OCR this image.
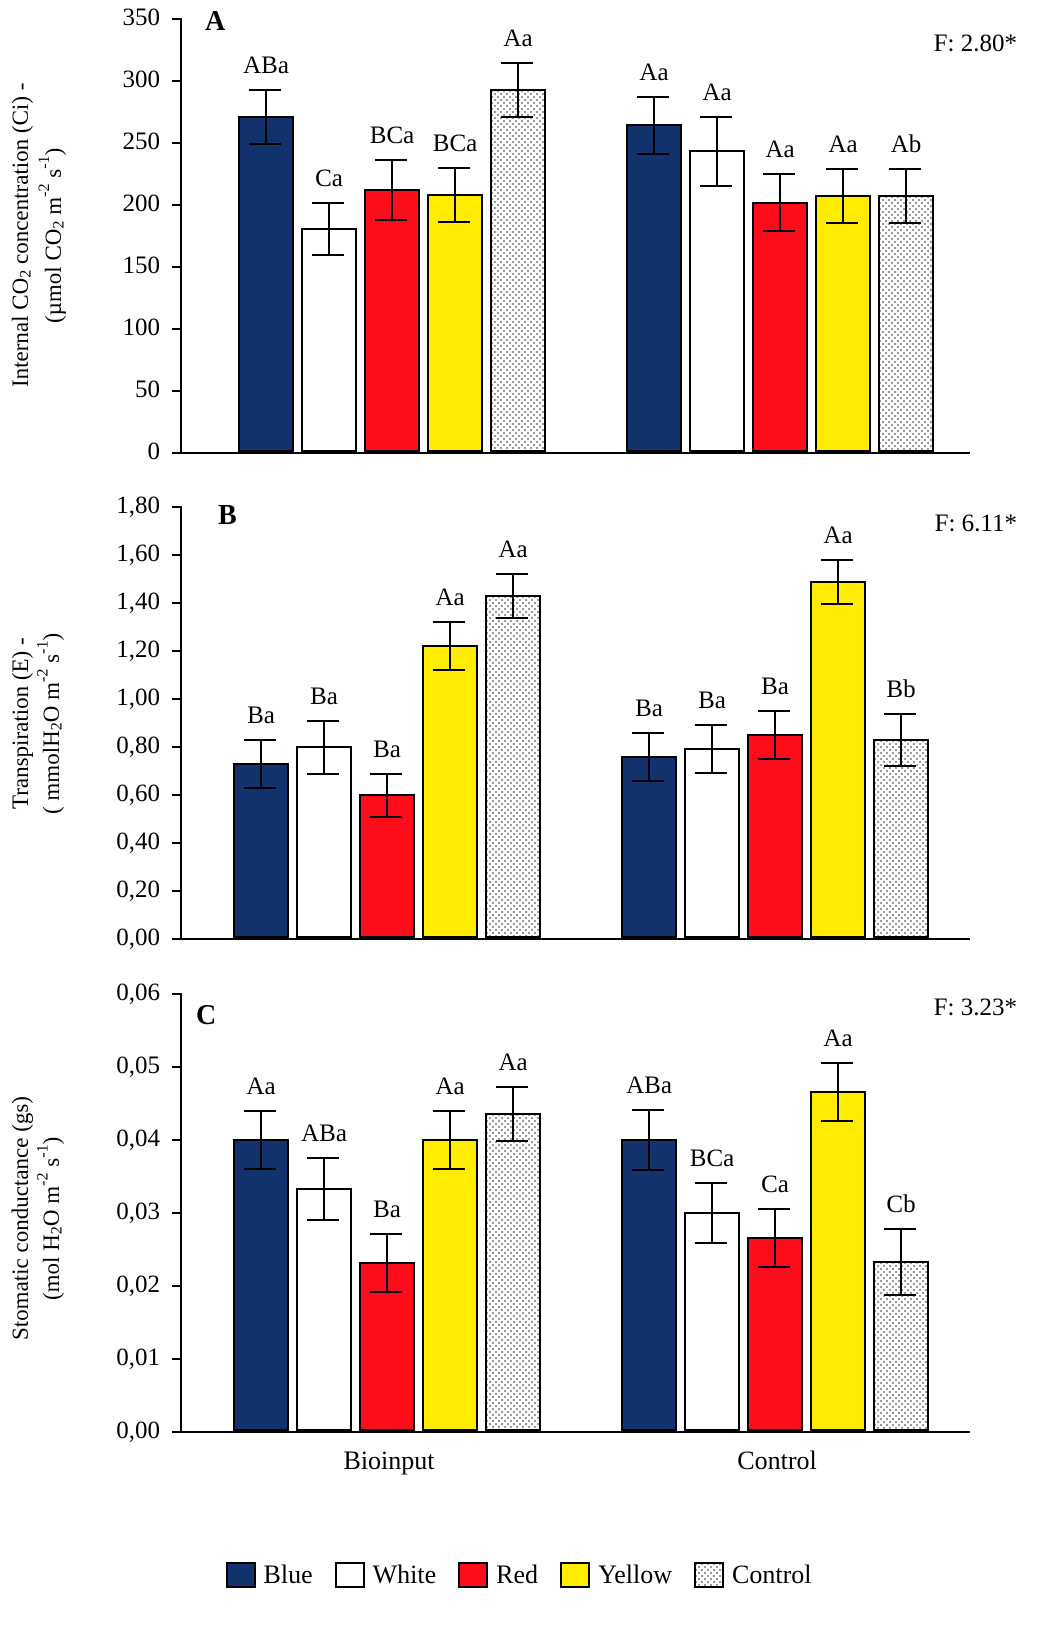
Internal $CO_2$ concentration (Ci) -
(µmol $CO_2$ $m^{-2}$ $s^{-1}$)
A
F: 2.80*
350
300
250
200
150
100
50
0
ABa
Ca
BCa BCa
Aa
Aa
Aa
Aa Aa Ab
Transpiration (E) - ( mmolH$_2$O $m^{-2}$ $s^{-1}$)
B	F: 6.11*
1,80
1,60
1,40
1,20
1,00
0,80
0,60
0,40
0,20
0,00
Ba
Ba
Ba
Aa
Aa
Ba Ba
Ba
Aa
Bb
Stomatic conductance (gs) (mol $H_2O$ $m^{-2}$ $s^{-1}$)
C	F: 3.23*
0,06
0,05
0,04
0,03
0,02
0,01
0,00
Aa
ABa
Ba
Aa
Aa
ABa
BCa
Ca
Aa
Cb
Bioinput	Control
Blue White Red Yellow Control
